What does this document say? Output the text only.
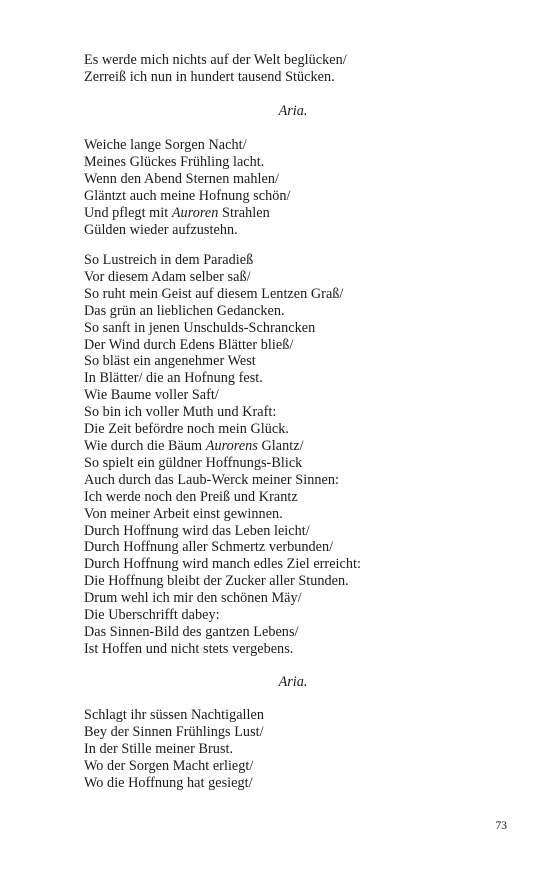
Es werde mich nichts auf der Welt beglücken/
Zerreiß ich nun in hundert tausend Stücken.
Aria.
Weiche lange Sorgen Nacht/
Meines Glückes Frühling lacht.
Wenn den Abend Sternen mahlen/
Gläntzt auch meine Hofnung schön/
Und pflegt mit Auroren Strahlen
Gülden wieder aufzustehn.
So Lustreich in dem Paradieß
Vor diesem Adam selber saß/
So ruht mein Geist auf diesem Lentzen Graß/
Das grün an lieblichen Gedancken.
So sanft in jenen Unschulds-Schrancken
Der Wind durch Edens Blätter bließ/
So bläst ein angenehmer West
In Blätter/ die an Hofnung fest.
Wie Baume voller Saft/
So bin ich voller Muth und Kraft:
Die Zeit befördre noch mein Glück.
Wie durch die Bäum Aurorens Glantz/
So spielt ein güldner Hoffnungs-Blick
Auch durch das Laub-Werck meiner Sinnen:
Ich werde noch den Preiß und Krantz
Von meiner Arbeit einst gewinnen.
Durch Hoffnung wird das Leben leicht/
Durch Hoffnung aller Schmertz verbunden/
Durch Hoffnung wird manch edles Ziel erreicht:
Die Hoffnung bleibt der Zucker aller Stunden.
Drum wehl ich mir den schönen Mäy/
Die Uberschrifft dabey:
Das Sinnen-Bild des gantzen Lebens/
Ist Hoffen und nicht stets vergebens.
Aria.
Schlagt ihr süssen Nachtigallen
Bey der Sinnen Frühlings Lust/
In der Stille meiner Brust.
Wo der Sorgen Macht erliegt/
Wo die Hoffnung hat gesiegt/
73
